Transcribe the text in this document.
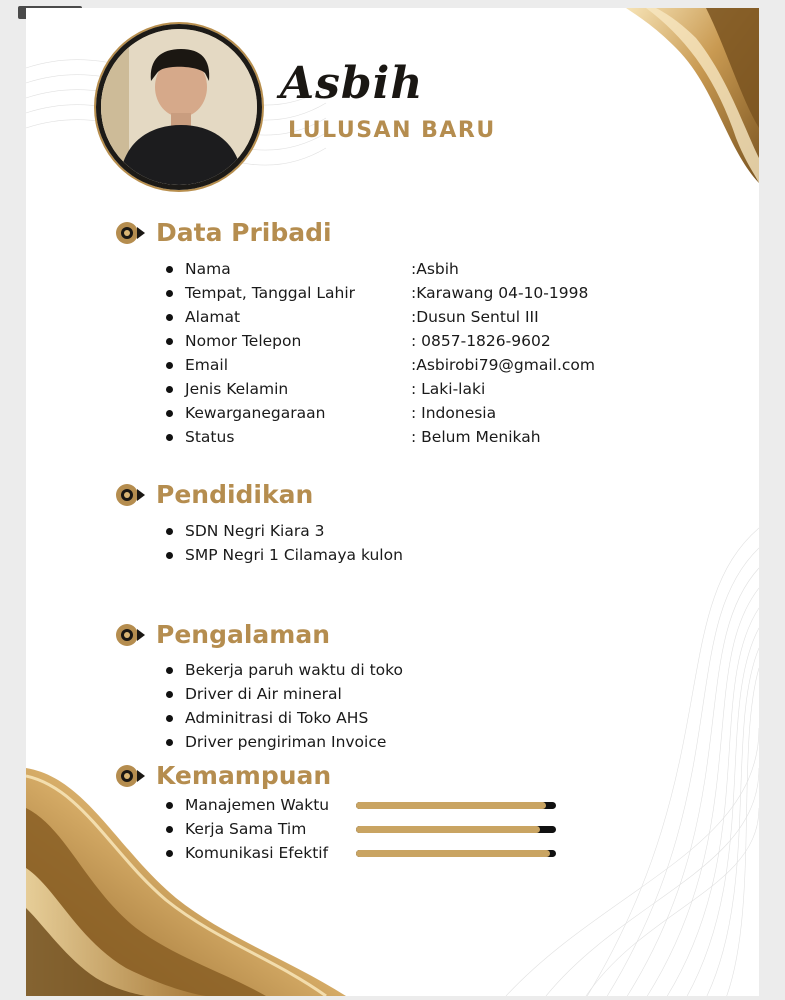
Asbih
LULUSAN BARU
Data Pribadi
Nama	:Asbih
Tempat, Tanggal Lahir	:Karawang 04-10-1998
Alamat	:Dusun Sentul III
Nomor Telepon	: 0857-1826-9602
Email	:Asbirobi79@gmail.com
Jenis Kelamin	: Laki-laki
Kewarganegaraan	: Indonesia
Status	: Belum Menikah
Pendidikan
SDN Negri Kiara 3
SMP Negri 1 Cilamaya kulon
Pengalaman
Bekerja paruh waktu di toko
Driver di Air mineral
Adminitrasi di Toko AHS
Driver pengiriman Invoice
Kemampuan
Manajemen Waktu
Kerja Sama Tim
Komunikasi Efektif
